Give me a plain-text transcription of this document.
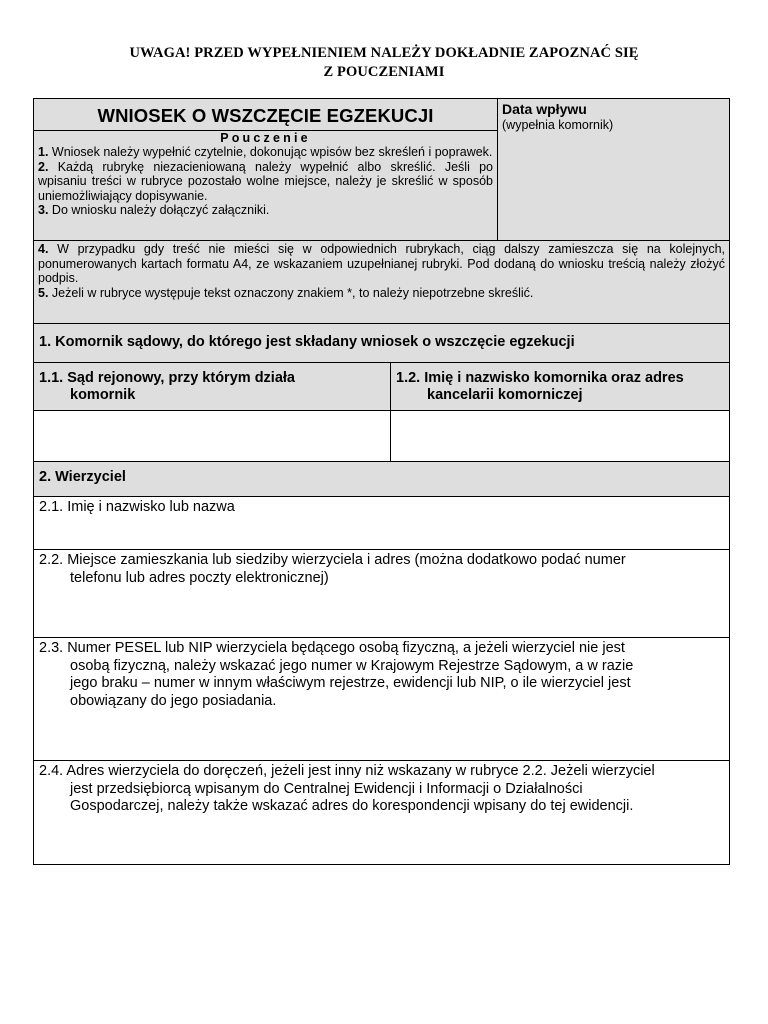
UWAGA! PRZED WYPEŁNIENIEM NALEŻY DOKŁADNIE ZAPOZNAĆ SIĘ
Z POUCZENIAMI
WNIOSEK O WSZCZĘCIE EGZEKUCJI	Data wpływu
(wypełnia komornik)
Pouczenie

1. Wniosek należy wypełnić czytelnie, dokonując wpisów bez skreśleń i poprawek.

2. Każdą rubrykę niezacieniowaną należy wypełnić albo skreślić. Jeśli po wpisaniu treści w rubryce pozostało wolne miejsce, należy je skreślić w sposób uniemożliwiający dopisywanie.

3. Do wniosku należy dołączyć załączniki.

4. W przypadku gdy treść nie mieści się w odpowiednich rubrykach, ciąg dalszy zamieszcza się na kolejnych, ponumerowanych kartach formatu A4, ze wskazaniem uzupełnianej rubryki. Pod dodaną do wniosku treścią należy złożyć podpis.

5. Jeżeli w rubryce występuje tekst oznaczony znakiem *, to należy niepotrzebne skreślić.

1. Komornik sądowy, do którego jest składany wniosek o wszczęcie egzekucji
1.1. Sąd rejonowy, przy którym działa
komornik
1.2. Imię i nazwisko komornika oraz adres
kancelarii komorniczej
2. Wierzyciel
2.1. Imię i nazwisko lub nazwa
2.2. Miejsce zamieszkania lub siedziby wierzyciela i adres (można dodatkowo podać numer
telefonu lub adres poczty elektronicznej)
2.3. Numer PESEL lub NIP wierzyciela będącego osobą fizyczną, a jeżeli wierzyciel nie jest
osobą fizyczną, należy wskazać jego numer w Krajowym Rejestrze Sądowym, a w razie
jego braku – numer w innym właściwym rejestrze, ewidencji lub NIP, o ile wierzyciel jest
obowiązany do jego posiadania.
2.4. Adres wierzyciela do doręczeń, jeżeli jest inny niż wskazany w rubryce 2.2. Jeżeli wierzyciel
jest przedsiębiorcą wpisanym do Centralnej Ewidencji i Informacji o Działalności
Gospodarczej, należy także wskazać adres do korespondencji wpisany do tej ewidencji.
